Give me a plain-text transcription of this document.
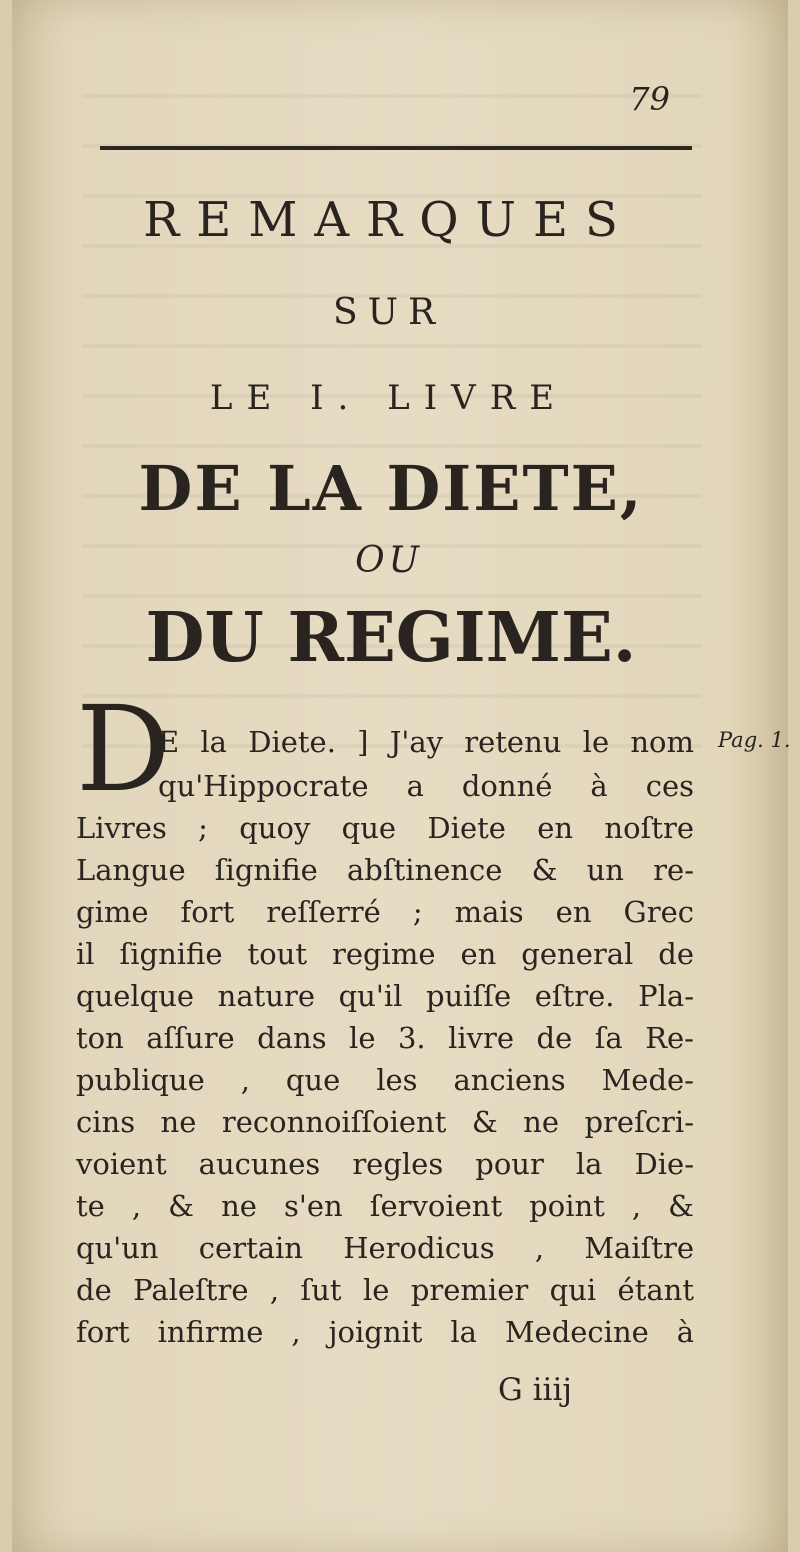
79
REMARQUES
SUR
LE I. LIVRE
DE LA DIETE,
OU
DU REGIME.
D	Pag. 1.
E la Diete. ] J'ay retenu le nom
qu'Hippocrate a donné à ces
Livres ; quoy que Diete en noſtre
Langue ſignifie abſtinence & un re-
gime fort reſſerré ; mais en Grec
il ſignifie tout regime en general de
quelque nature qu'il puiſſe eſtre. Pla-
ton aſſure dans le 3. livre de ſa Re-
publique , que les anciens Mede-
cins ne reconnoiſſoient & ne preſcri-
voient aucunes regles pour la Die-
te , & ne s'en ſervoient point , &
qu'un certain Herodicus , Maiſtre
de Paleſtre , ſut le premier qui étant
fort infirme , joignit la Medecine à
G iiij
